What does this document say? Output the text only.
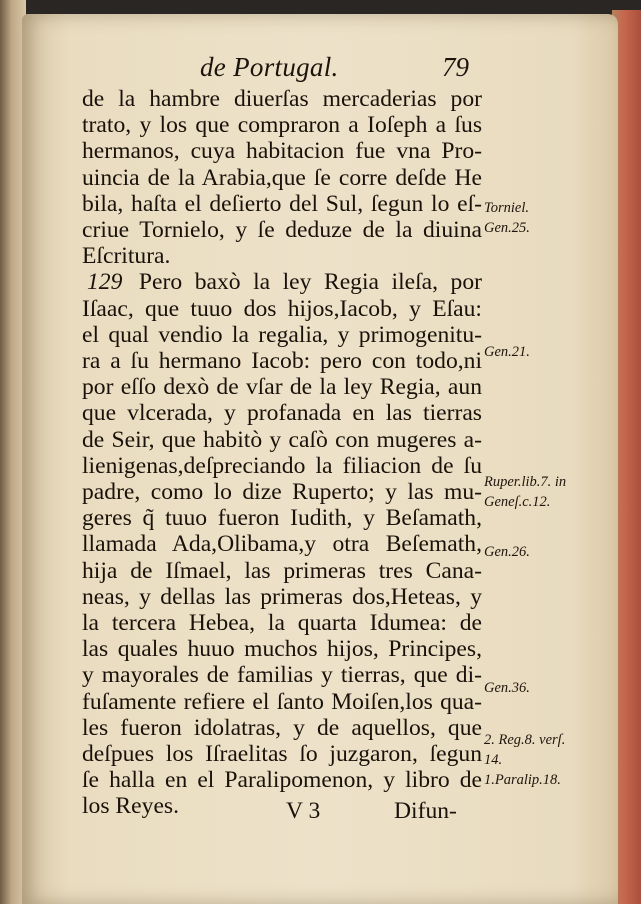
de Portugal.	79
de la hambre diuerſas mercaderias por
trato, y los que compraron a Ioſeph a ſus
hermanos, cuya habitacion fue vna Pro-
uincia de la Arabia,que ſe corre deſde He
bila, haſta el deſierto del Sul, ſegun lo eſ-
criue Tornielo, y ſe deduze de la diuina
Eſcritura.
129 Pero baxò la ley Regia ileſa, por
Iſaac, que tuuo dos hijos,Iacob, y Eſau:
el qual vendio la regalia, y primogenitu-
ra a ſu hermano Iacob: pero con todo,ni
por eſſo dexò de vſar de la ley Regia, aun
que vlcerada, y profanada en las tierras
de Seir, que habitò y caſò con mugeres a-
lienigenas,deſpreciando la filiacion de ſu
padre, como lo dize Ruperto; y las mu-
geres q̃ tuuo fueron Iudith, y Beſamath,
llamada Ada,Olibama,y otra Beſemath,
hija de Iſmael, las primeras tres Cana-
neas, y dellas las primeras dos,Heteas, y
la tercera Hebea, la quarta Idumea: de
las quales huuo muchos hijos, Principes,
y mayorales de familias y tierras, que di-
fuſamente refiere el ſanto Moiſen,los qua-
les fueron idolatras, y de aquellos, que
deſpues los Iſraelitas ſo juzgaron, ſegun
ſe halla en el Paralipomenon, y libro de
los Reyes.	V 3	Difun-
Torniel.
Gen.25.
Gen.21.
Ruper.lib.7. in
Geneſ.c.12.
Gen.26.
Gen.36.
2. Reg.8. verſ.
14.
1.Paralip.18.
